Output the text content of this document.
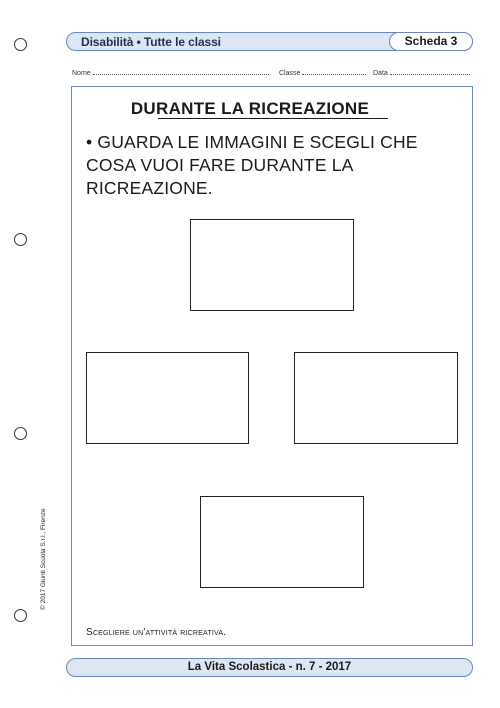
Disabilità • Tutte le classi	Scheda 3
Nome	Classe	Data
DURANTE LA RICREAZIONE
• GUARDA LE IMMAGINI E SCEGLI CHE COSA VUOI FARE DURANTE LA RICREAZIONE.
Scegliere un'attività ricreativa.
© 2017 Giunti Scuola S.r.l., Firenze
La Vita Scolastica - n. 7 - 2017
